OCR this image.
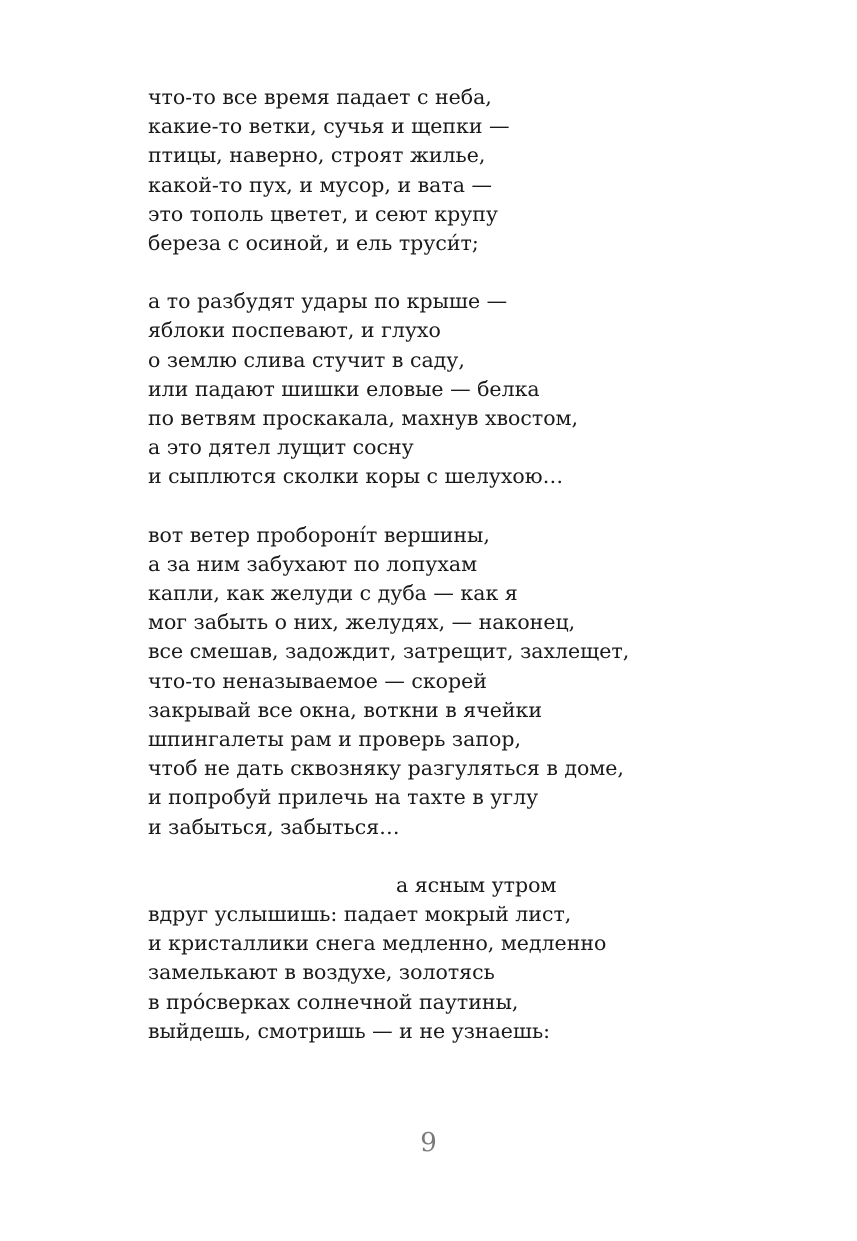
что-то все время падает с неба,
какие-то ветки, сучья и щепки —
птицы, наверно, строят жилье,
какой-то пух, и мусор, и вата —
это тополь цветет, и сеют крупу
береза с осиной, и ель труси́т;
а то разбудят удары по крыше —
яблоки поспевают, и глухо
о землю слива стучит в саду,
или падают шишки еловые — белка
по ветвям проскакала, махнув хвостом,
а это дятел лущит сосну
и сыплются сколки коры с шелухою…
вот ветер пробороні́т вершины,
а за ним забухают по лопухам
капли, как желуди с дуба — как я
мог забыть о них, желудях, — наконец,
все смешав, задождит, затрещит, захлещет,
что-то неназываемое — скорей
закрывай все окна, воткни в ячейки
шпингалеты рам и проверь запор,
чтоб не дать сквозняку разгуляться в доме,
и попробуй прилечь на тахте в углу
и забыться, забыться…
а ясным утром
вдруг услышишь: падает мокрый лист,
и кристаллики снега медленно, медленно
замелькают в воздухе, золотясь
в про́сверках солнечной паутины,
выйдешь, смотришь — и не узнаешь:
9
